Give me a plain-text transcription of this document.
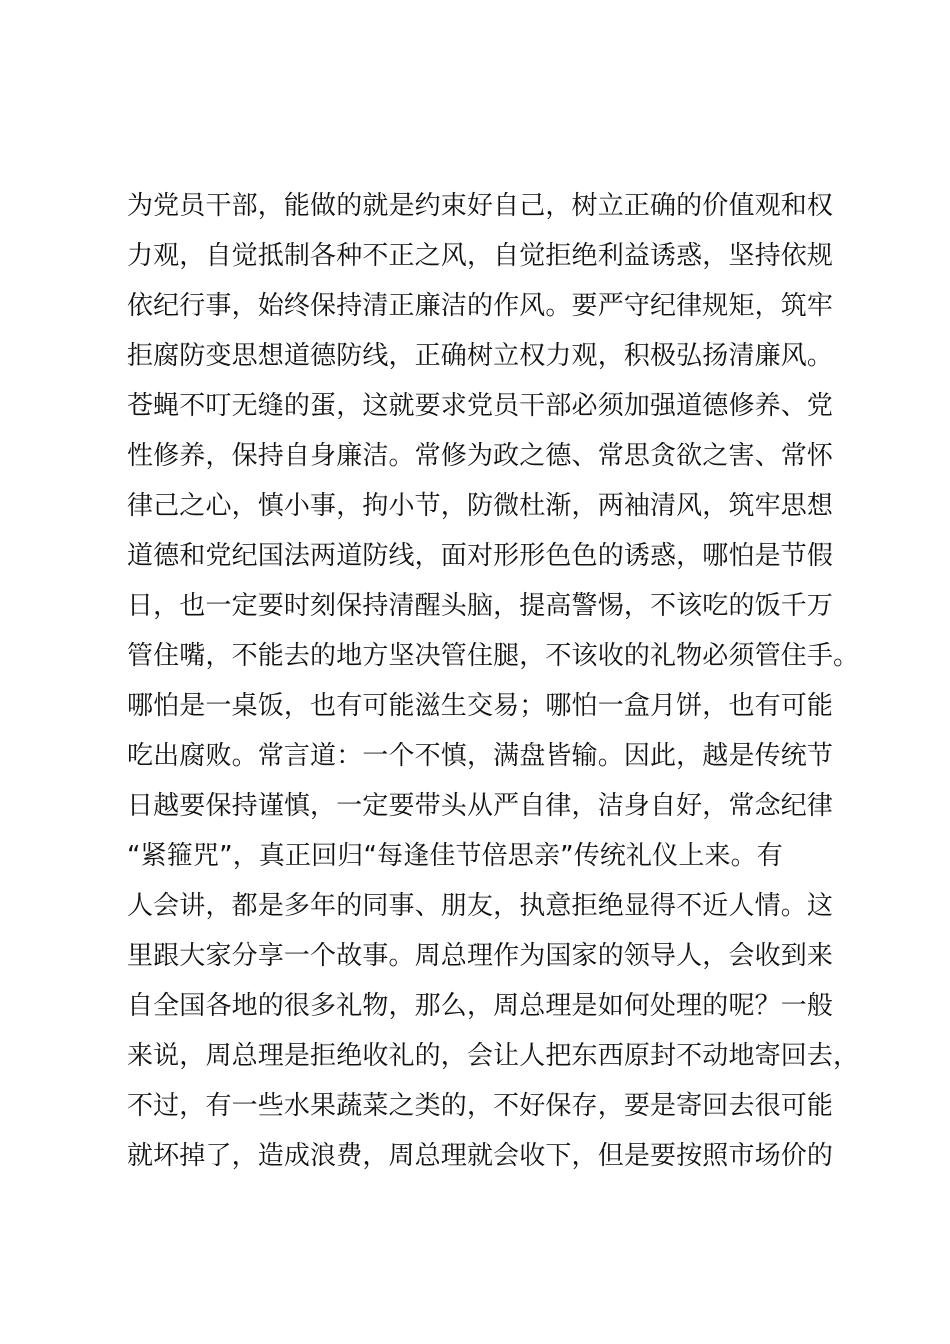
为党员干部，能做的就是约束好自己，树立正确的价值观和权
力观，自觉抵制各种不正之风，自觉拒绝利益诱惑，坚持依规
依纪行事，始终保持清正廉洁的作风。要严守纪律规矩，筑牢
拒腐防变思想道德防线，正确树立权力观，积极弘扬清廉风。
苍蝇不叮无缝的蛋，这就要求党员干部必须加强道德修养、党
性修养，保持自身廉洁。常修为政之德、常思贪欲之害、常怀
律己之心，慎小事，拘小节，防微杜渐，两袖清风，筑牢思想
道德和党纪国法两道防线，面对形形色色的诱惑，哪怕是节假
日，也一定要时刻保持清醒头脑，提高警惕，不该吃的饭千万
管住嘴，不能去的地方坚决管住腿，不该收的礼物必须管住手。
哪怕是一桌饭，也有可能滋生交易；哪怕一盒月饼，也有可能
吃出腐败。常言道：一个不慎，满盘皆输。因此，越是传统节
日越要保持谨慎，一定要带头从严自律，洁身自好，常念纪律
“紧箍咒”，真正回归“每逢佳节倍思亲”传统礼仪上来。有
人会讲，都是多年的同事、朋友，执意拒绝显得不近人情。这
里跟大家分享一个故事。周总理作为国家的领导人，会收到来
自全国各地的很多礼物，那么，周总理是如何处理的呢？一般
来说，周总理是拒绝收礼的，会让人把东西原封不动地寄回去，
不过，有一些水果蔬菜之类的，不好保存，要是寄回去很可能
就坏掉了，造成浪费，周总理就会收下，但是要按照市场价的
